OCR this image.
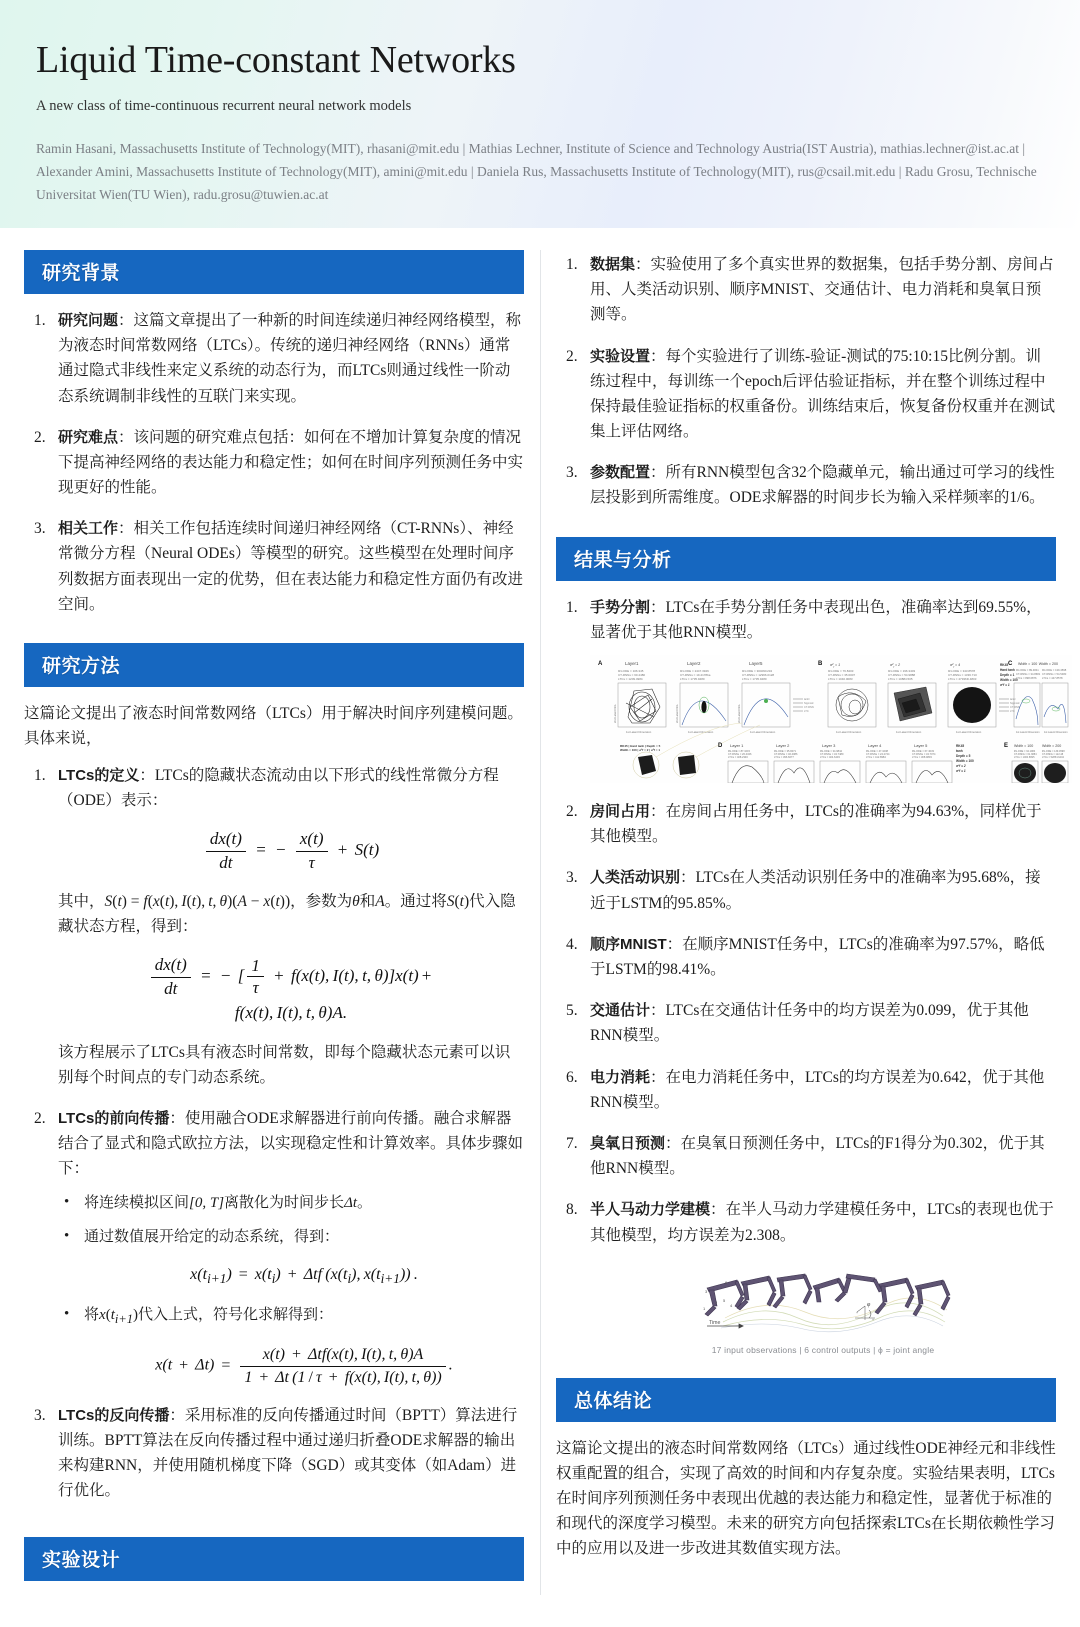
Liquid Time-constant Networks
A new class of time-continuous recurrent neural network models
Ramin Hasani, Massachusetts Institute of Technology(MIT), rhasani@mit.edu | Mathias Lechner, Institute of Science and Technology Austria(IST Austria), mathias.lechner@ist.ac.at | Alexander Amini, Massachusetts Institute of Technology(MIT), amini@mit.edu | Daniela Rus, Massachusetts Institute of Technology(MIT), rus@csail.mit.edu | Radu Grosu, Technische Universitat Wien(TU Wien), radu.grosu@tuwien.ac.at
研究背景
研究问题：这篇文章提出了一种新的时间连续递归神经网络模型，称为液态时间常数网络（LTCs）。传统的递归神经网络（RNNs）通常通过隐式非线性来定义系统的动态行为，而LTCs则通过线性一阶动态系统调制非线性的互联门来实现。
研究难点：该问题的研究难点包括：如何在不增加计算复杂度的情况下提高神经网络的表达能力和稳定性；如何在时间序列预测任务中实现更好的性能。
相关工作：相关工作包括连续时间递归神经网络（CT-RNNs）、神经常微分方程（Neural ODEs）等模型的研究。这些模型在处理时间序列数据方面表现出一定的优势，但在表达能力和稳定性方面仍有改进空间。
研究方法
这篇论文提出了液态时间常数网络（LTCs）用于解决时间序列建模问题。具体来说，
LTCs的定义：LTCs的隐藏状态流动由以下形式的线性常微分方程（ODE）表示：
$\frac{dx(t)}{dt}$ = − $\frac{x(t)}{\tau} + S(t)$
其中，S(t) = f(x(t), I(t), t, θ)(A − x(t))，参数为θ和A。通过将S(t)代入隐藏状态方程，得到：
$\frac{dx(t)}{dt}$ = − [ $\frac{1}{\tau} + f(x(t)$, I(t), t, θ)]x(t) +
f(x(t), I(t), t, θ)A.
该方程展示了LTCs具有液态时间常数，即每个隐藏状态元素可以识别每个时间点的专门动态系统。
LTCs的前向传播：使用融合ODE求解器进行前向传播。融合求解器结合了显式和隐式欧拉方法，以实现稳定性和计算效率。具体步骤如下：
• 将连续模拟区间[0, T]离散化为时间步长Δt。
• 通过数值展开给定的动态系统，得到：
$x(t_{i+1}) = x(t_i) + \Delta tf$ ($x(t_i)$, $x(t_{i+1})$) .
• 将$x(t_{i+1})$代入上式，符号化求解得到：
$x(t + \Delta t) = \frac{\text{x(t) + Δtf(x(t), I(t), t, θ)A}}{1 + \Delta t (1 / \tau + f(x(t), I(t), t, \theta))}$ .
LTCs的反向传播：采用标准的反向传播通过时间（BPTT）算法进行训练。BPTT算法在反向传播过程中通过递归折叠ODE求解器的输出来构建RNN，并使用随机梯度下降（SGD）或其变体（如Adam）进行优化。
实验设计
数据集：实验使用了多个真实世界的数据集，包括手势分割、房间占用、人类活动识别、顺序MNIST、交通估计、电力消耗和臭氧日预测等。
实验设置：每个实验进行了训练-验证-测试的75:10:15比例分割。训练过程中，每训练一个epoch后评估验证指标，并在整个训练过程中保持最佳验证指标的权重备份。训练结束后，恢复备份权重并在测试集上评估网络。
参数配置：所有RNN模型包含32个隐藏单元，输出通过可学习的线性层投影到所需维度。ODE求解器的时间步长为输入采样频率的1/6。
结果与分析
手势分割：LTCs在手势分割任务中表现出色，准确率达到69.55%，显著优于其他RNN模型。
A	Layer1	Layer2	Layer5
ltN-ODE = 106.345
CT-RNNs = 60.4480
LTCs = 1209.4984
ltN-ODE = 2447.3946
CT-RNNs = 19.4178ba
LTCs = 1735.9480
ltN-ODE = 30409C234
CT-RNNs = 12966.0128
LTCs = 1735.9480
lanN
Sigmoid
CT-RNN
LTC
1st Latent Dimension	1st Latent Dimension	1st Latent Dimension
2nd Latent Dim.	2nd Latent Dim.	2nd Latent Dim.
B $\sigma^2_f = 1$	$\sigma^2_f = 2$	$\sigma^2_f = 4$
ltN-ODE = 76.8403
CT-RNNs = 35.6007
LTCs = 1040.0083
ltN-ODE = 196.3403
CT-RNNs = 54.9888
LTCs = 10884.505
ltN-ODE = 343.8578
CT-RNNs = 1336.710
LTCs = 47936D.4803
lanN
Sigmoid
CT-RNN
LTC
1st Latent Dimension	1st Latent Dimension	1st Latent Dimension
RK45
Hard tanh
Depth = 1
Width = 100
σ²f = 1
C Width = 100 Width = 200
ltN-ODE = 89.4841
CT-RNNs = 34.8681
LTCs = 898.6876
ltN-ODE = 139.4598
CT-RNNs = 54.5480
LTCs = 447.8578
1st Latent Dimension 1st Latent Dimension
RK45 | Hard tanh | Depth = 5
Width = 100 | σ²f = 2 | σ²f = 1
D Layer 1	Layer 2	Layer 3	Layer 4	Layer 5
ltN-ODE = 87.1015
CT-RNNs = 26.4346
LTCs = 408.2346
ltN-ODE = 35.8471
CT-RNNs = 46.4086
LTCs = 396.6677
ltN-ODE = 34.9844
CT-RNNs = 34.7489
LTCs = 404.6403
ltN-ODE = 47.1008
CT-RNNs = 24.2744
LTCs = 412.8984
ltN-ODE = 67.4033
CT-RNNs = 34.7074
LTCs = 308.9803
RK45
tanh
Depth = 5
Width = 100
σ²f = 2
σ²f = 1
E Width = 100 Width = 200
ltN-ODE = 34.1984
CT-RNNs = 61.3884
LTCs = 1000.8995
ltN-ODE = 139.4598
CT-RNNs = 122.48
LTCs = 52854.6404
房间占用：在房间占用任务中，LTCs的准确率为94.63%，同样优于其他模型。
人类活动识别：LTCs在人类活动识别任务中的准确率为95.68%，接近于LSTM的95.85%。
顺序MNIST：在顺序MNIST任务中，LTCs的准确率为97.57%，略低于LSTM的98.41%。
交通估计：LTCs在交通估计任务中的均方误差为0.099，优于其他RNN模型。
电力消耗：在电力消耗任务中，LTCs的均方误差为0.642，优于其他RNN模型。
臭氧日预测：在臭氧日预测任务中，LTCs的F1得分为0.302，优于其他RNN模型。
半人马动力学建模：在半人马动力学建模任务中，LTCs的表现也优于其他模型，均方误差为2.308。
3
6
1
2 5
4
Time
φ
+
+
17 input observations | 6 control outputs | ϕ = joint angle
总体结论
这篇论文提出的液态时间常数网络（LTCs）通过线性ODE神经元和非线性权重配置的组合，实现了高效的时间和内存复杂度。实验结果表明，LTCs在时间序列预测任务中表现出优越的表达能力和稳定性，显著优于标准的和现代的深度学习模型。未来的研究方向包括探索LTCs在长期依赖性学习中的应用以及进一步改进其数值实现方法。
